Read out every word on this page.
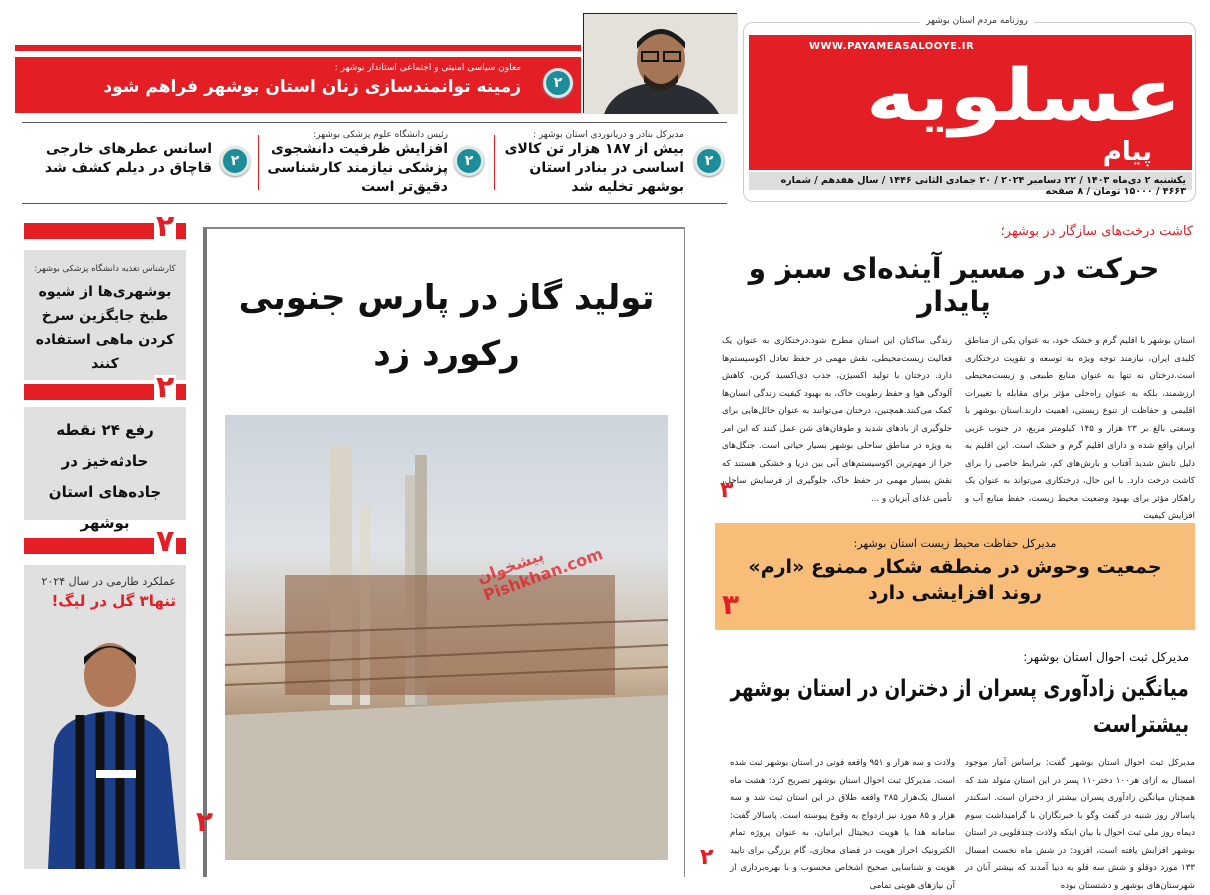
روزنامه مردم استان بوشهر
WWW.PAYAMEASALOOYE.IR
عسلویه
پیام
یکشنبه ۲ دی‌ماه ۱۴۰۳ / ۲۲ دسامبر ۲۰۲۴ / ۲۰ جمادی الثانی ۱۴۴۶ / سال هفدهم / شماره ۴۶۶۳ / ۱۵۰۰۰ تومان / ۸ صفحه
معاون سیاسی امنیتی و اجتماعی استاندار بوشهر :
زمینه توانمندسازی زنان استان بوشهر فراهم شود	۲
مدیرکل بنادر و دریانوردی استان بوشهر :
بیش از ۱۸۷ هزار تن کالای اساسی در بنادر استان بوشهر تخلیه شد
۲
رئیس دانشگاه علوم پزشکی بوشهر:
افزایش ظرفیت دانشجوی پزشکی نیازمند کارشناسی دقیق‌تر است
۲
اسانس عطرهای خارجی قاچاق در دیلم کشف شد	۲
۲
کارشناس تغذیه دانشگاه پزشکی بوشهر:
بوشهری‌ها از شیوه طبخ جایگزین سرخ کردن ماهی استفاده کنند
۲
رفع ۲۴ نقطه حادثه‌خیز در جاده‌های استان بوشهر
۷
عملکرد طارمی در سال ۲۰۲۴
تنها۳ گل در لیگ!
تولید گاز در پارس جنوبی رکورد زد
پیشخوان Pishkhan.com
۲
کاشت درخت‌های سازگار در بوشهر؛
حرکت در مسیر آینده‌ای سبز و پایدار
استان بوشهر با اقلیم گرم و خشک خود، به عنوان یکی از مناطق کلیدی ایران، نیازمند توجه ویژه به توسعه و تقویت درختکاری است.درختان نه تنها به عنوان منابع طبیعی و زیست‌محیطی ارزشمند، بلکه به عنوان راه‌حلی مؤثر برای مقابله با تغییرات اقلیمی و حفاظت از تنوع زیستی، اهمیت دارند.استان بوشهر با وسعتی بالغ بر ۲۳ هزار و ۱۴۵ کیلومتر مربع، در جنوب غربی ایران واقع شده و دارای اقلیم گرم و خشک است. این اقلیم به دلیل تابش شدید آفتاب و بارش‌های کم، شرایط خاصی را برای کاشت درخت دارد. با این حال، درختکاری می‌تواند به عنوان یک راهکار مؤثر برای بهبود وضعیت محیط زیست، حفظ منابع آب و افزایش کیفیت
زندگی ساکنان این استان مطرح شود.درختکاری به عنوان یک فعالیت زیست‌محیطی، نقش مهمی در حفظ تعادل اکوسیستم‌ها دارد. درختان با تولید اکسیژن، جذب دی‌اکسید کربن، کاهش آلودگی هوا و حفظ رطوبت خاک، به بهبود کیفیت زندگی انسان‌ها کمک می‌کنند.همچنین، درختان می‌توانند به عنوان حائل‌هایی برای جلوگیری از بادهای شدید و طوفان‌های شن عمل کنند که این امر به ویژه در مناطق ساحلی بوشهر بسیار حیاتی است. جنگل‌های حرا از مهم‌ترین اکوسیستم‌های آبی بین دریا و خشکی هستند که نقش بسیار مهمی در حفظ خاک، جلوگیری از فرسایش ساحل، تأمین غذای آبزیان و ...
۳
مدیرکل حفاظت محیط زیست استان بوشهر:
جمعیت وحوش در منطقه شکار ممنوع «ارم»
روند افزایشی دارد
۳
مدیرکل ثبت احوال استان بوشهر:
میانگین زادآوری پسران از دختران در استان بوشهر
بیشتراست
مدیرکل ثبت احوال استان بوشهر گفت: براساس آمار موجود امسال به ازای هر۱۰۰ دختر۱۱۰ پسر در این استان متولد شد که همچنان میانگین زادآوری پسران بیشتر از دختران است. اسکندر پاسالار روز شنبه در گفت وگو با خبرنگاران با گرامیداشت سوم دیماه روز ملی ثبت احوال با بیان اینکه ولادت چندقلویی در استان بوشهر افزایش یافته است، افزود: در شش ماه نخست امسال ۱۳۳ مورد دوقلو و شش سه قلو به دنیا آمدند که بیشتر آنان در شهرستان‌های بوشهر و دشتستان بوده
ولادت و سه هزار و ۹۵۱ واقعه فوتی در استان بوشهر ثبت شده است. مدیرکل ثبت احوال استان بوشهر تصریح کرد: هشت ماه امسال یک‌هزار ۲۸۵ واقعه طلاق در این استان ثبت شد و سه هزار و ۸۵ مورد نیز ازدواج به وقوع پیوسته است. پاسالار گفت: سامانه هدا یا هویت دیجیتال ایرانیان، به عنوان پروژه تمام الکترونیک احراز هویت در فضای مجازی، گام بزرگی برای تایید هویت و شناسایی صحیح اشخاص محسوب و با بهره‌برداری از آن نیازهای هویتی تمامی
۲
